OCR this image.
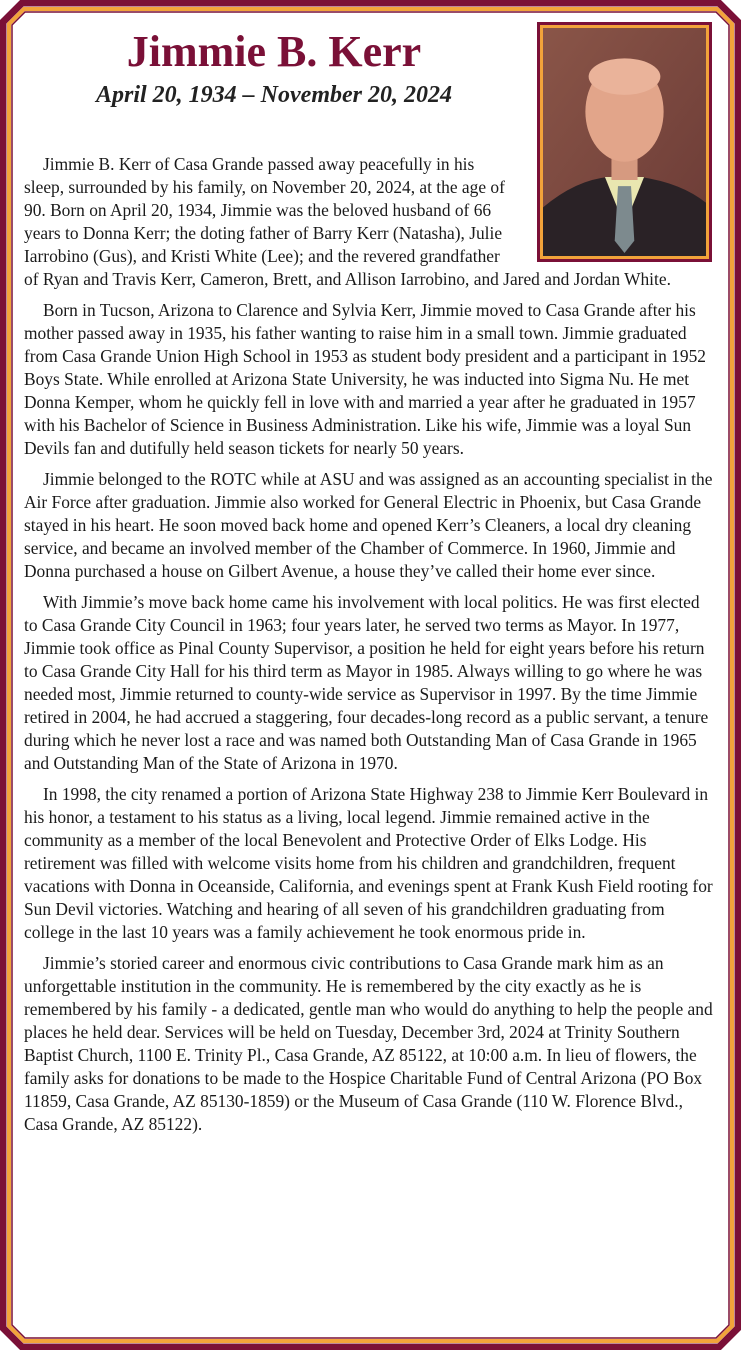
Jimmie B. Kerr
April 20, 1934 – November 20, 2024

Jimmie B. Kerr of Casa Grande passed away peacefully in his sleep, surrounded by his family, on November 20, 2024, at the age of 90. Born on April 20, 1934, Jimmie was the beloved husband of 66 years to Donna Kerr; the doting father of Barry Kerr (Natasha), Julie Iarrobino (Gus), and Kristi White (Lee); and the revered grandfather of Ryan and Travis Kerr, Cameron, Brett, and Allison Iarrobino, and Jared and Jordan White.

Born in Tucson, Arizona to Clarence and Sylvia Kerr, Jimmie moved to Casa Grande after his mother passed away in 1935, his father wanting to raise him in a small town. Jimmie graduated from Casa Grande Union High School in 1953 as student body president and a participant in 1952 Boys State. While enrolled at Arizona State University, he was inducted into Sigma Nu. He met Donna Kemper, whom he quickly fell in love with and married a year after he graduated in 1957 with his Bachelor of Science in Business Administration. Like his wife, Jimmie was a loyal Sun Devils fan and dutifully held season tickets for nearly 50 years.

Jimmie belonged to the ROTC while at ASU and was assigned as an accounting specialist in the Air Force after graduation. Jimmie also worked for General Electric in Phoenix, but Casa Grande stayed in his heart. He soon moved back home and opened Kerr’s Cleaners, a local dry cleaning service, and became an involved member of the Chamber of Commerce. In 1960, Jimmie and Donna purchased a house on Gilbert Avenue, a house they’ve called their home ever since.

With Jimmie’s move back home came his involvement with local politics. He was first elected to Casa Grande City Council in 1963; four years later, he served two terms as Mayor. In 1977, Jimmie took office as Pinal County Supervisor, a position he held for eight years before his return to Casa Grande City Hall for his third term as Mayor in 1985. Always willing to go where he was needed most, Jimmie returned to county-wide service as Supervisor in 1997. By the time Jimmie retired in 2004, he had accrued a staggering, four decades-long record as a public servant, a tenure during which he never lost a race and was named both Outstanding Man of Casa Grande in 1965 and Outstanding Man of the State of Arizona in 1970.

In 1998, the city renamed a portion of Arizona State Highway 238 to Jimmie Kerr Boulevard in his honor, a testament to his status as a living, local legend. Jimmie remained active in the community as a member of the local Benevolent and Protective Order of Elks Lodge. His retirement was filled with welcome visits home from his children and grandchildren, frequent vacations with Donna in Oceanside, California, and evenings spent at Frank Kush Field rooting for Sun Devil victories. Watching and hearing of all seven of his grandchildren graduating from college in the last 10 years was a family achievement he took enormous pride in.

Jimmie’s storied career and enormous civic contributions to Casa Grande mark him as an unforgettable institution in the community. He is remembered by the city exactly as he is remembered by his family - a dedicated, gentle man who would do anything to help the people and places he held dear. Services will be held on Tuesday, December 3rd, 2024 at Trinity Southern Baptist Church, 1100 E. Trinity Pl., Casa Grande, AZ 85122, at 10:00 a.m. In lieu of flowers, the family asks for donations to be made to the Hospice Charitable Fund of Central Arizona (PO Box 11859, Casa Grande, AZ 85130-1859) or the Museum of Casa Grande (110 W. Florence Blvd., Casa Grande, AZ 85122).
